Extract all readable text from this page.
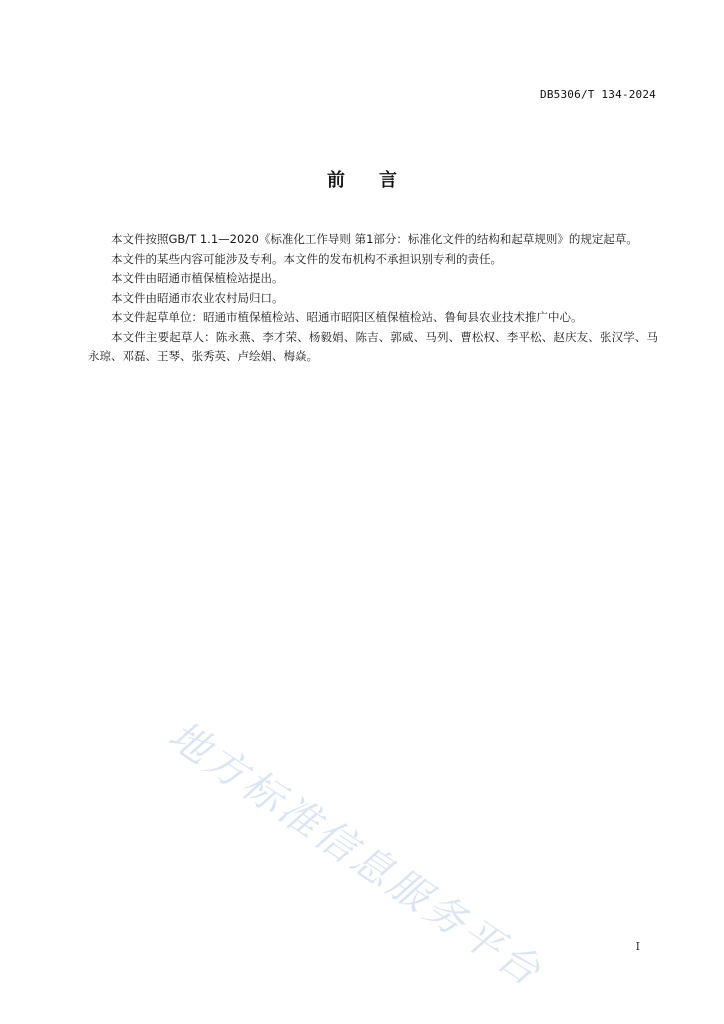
DB5306/T 134-2024
前言

本文件按照GB/T 1.1—2020《标准化工作导则 第1部分：标准化文件的结构和起草规则》的规定起草。

本文件的某些内容可能涉及专利。本文件的发布机构不承担识别专利的责任。

本文件由昭通市植保植检站提出。

本文件由昭通市农业农村局归口。

本文件起草单位：昭通市植保植检站、昭通市昭阳区植保植检站、鲁甸县农业技术推广中心。

本文件主要起草人：陈永燕、李才荣、杨毅娟、陈吉、郭威、马列、曹松权、李平松、赵庆友、张汉学、马永琼、邓磊、王琴、张秀英、卢绘娟、梅焱。

地方标准信息服务平台	I
